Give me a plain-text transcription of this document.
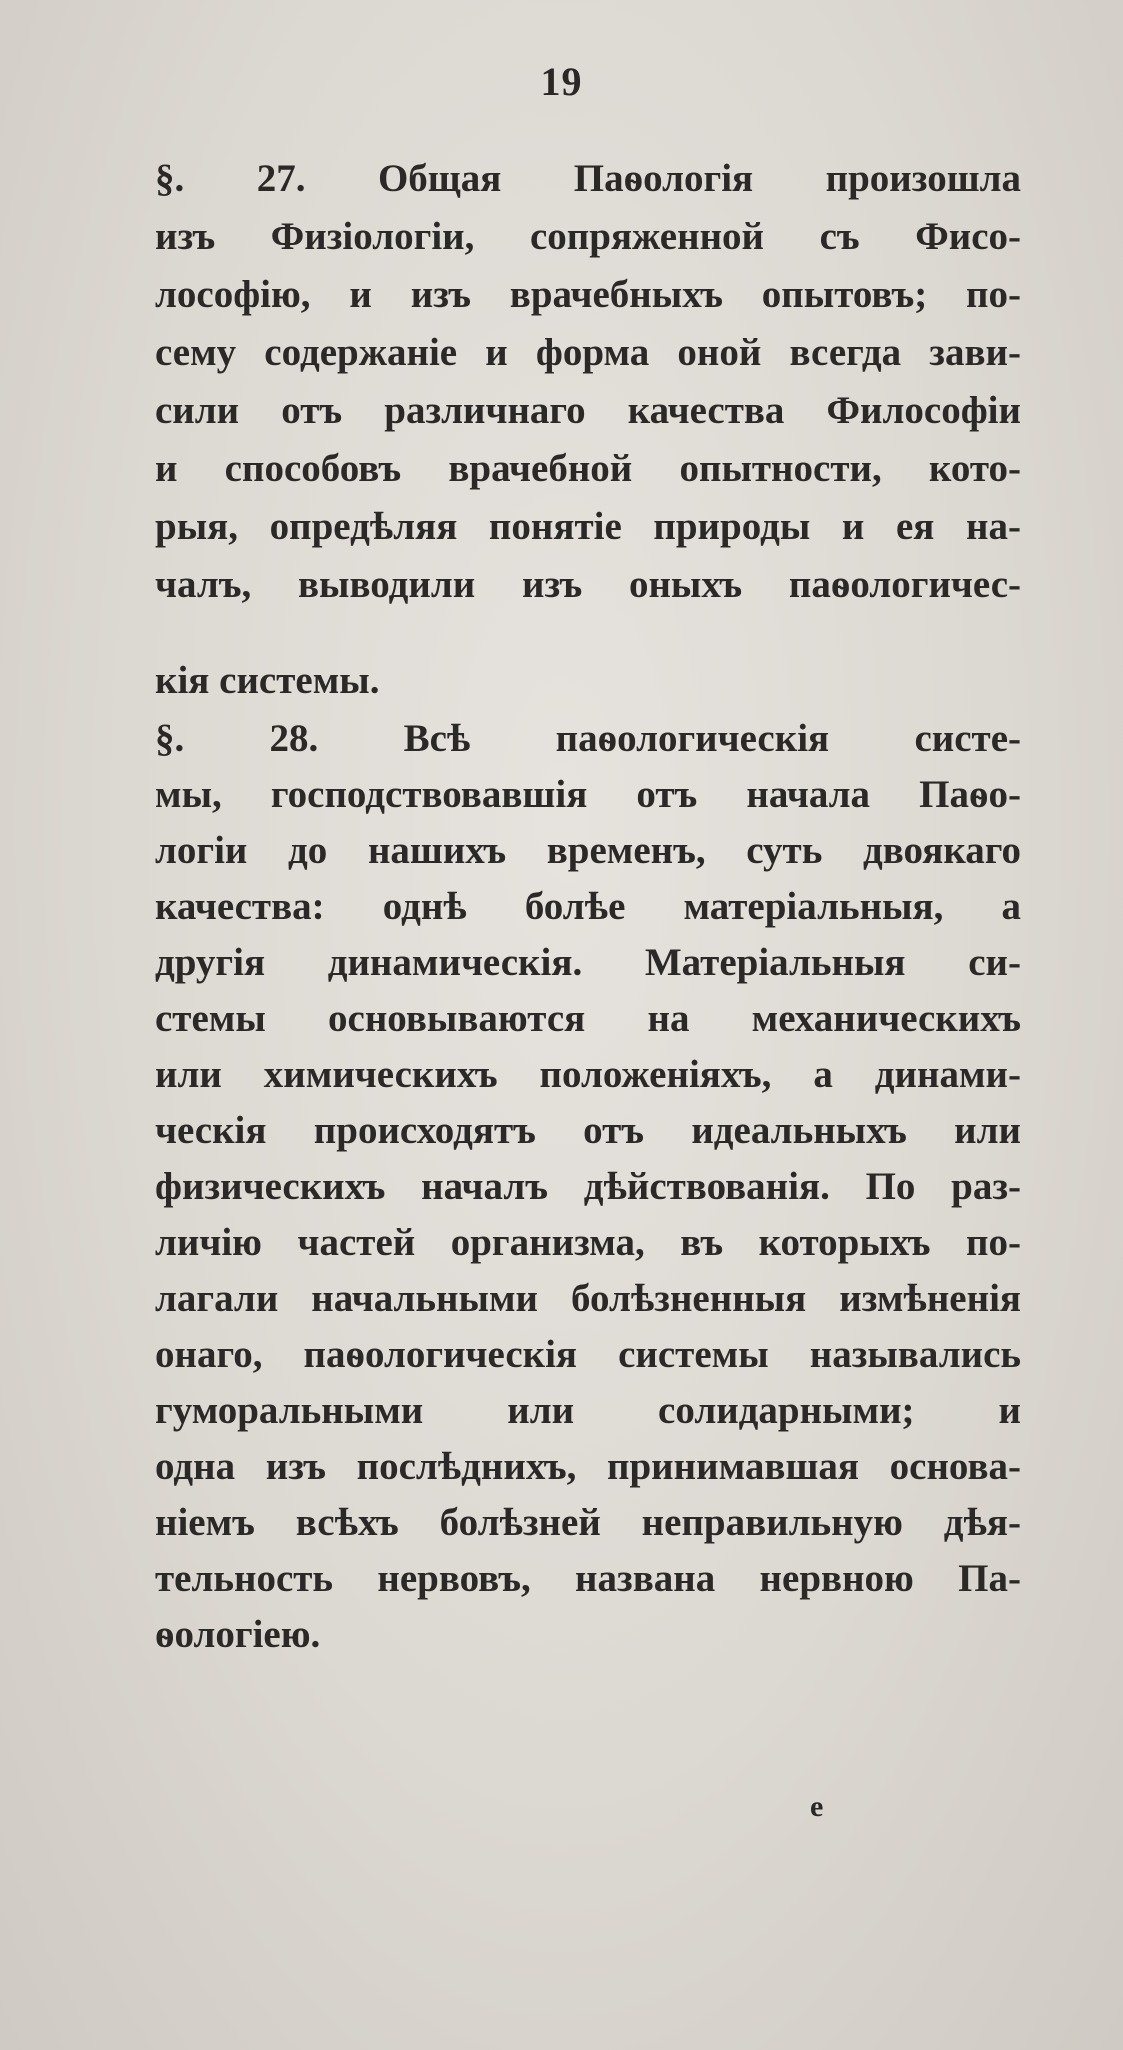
19
§. 27. Общая Паѳологія произошла
изъ Физіологіи, сопряженной съ Фисо-
лософію, и изъ врачебныхъ опытовъ; по-
сему содержаніе и форма оной всегда зави-
сили отъ различнаго качества Философіи
и способовъ врачебной опытности, кото-
рыя, опредѣляя понятіе природы и ея на-
чалъ, выводили изъ оныхъ паѳологичес-
кія системы.
§. 28. Всѣ паѳологическія систе-
мы, господствовавшія отъ начала Паѳо-
логіи до нашихъ временъ, суть двоякаго
качества: однѣ болѣе матеріальныя, а
другія динамическія. Матеріальныя си-
стемы основываются на механическихъ
или химическихъ положеніяхъ, а динами-
ческія происходятъ отъ идеальныхъ или
физическихъ началъ дѣйствованія. По раз-
личію частей организма, въ которыхъ по-
лагали начальными болѣзненныя измѣненія
онаго, паѳологическія системы назывались
гуморальными или солидарными; и
одна изъ послѣднихъ, принимавшая основа-
ніемъ всѣхъ болѣзней неправильную дѣя-
тельность нервовъ, названа нервною Па-
ѳологіею.
е
